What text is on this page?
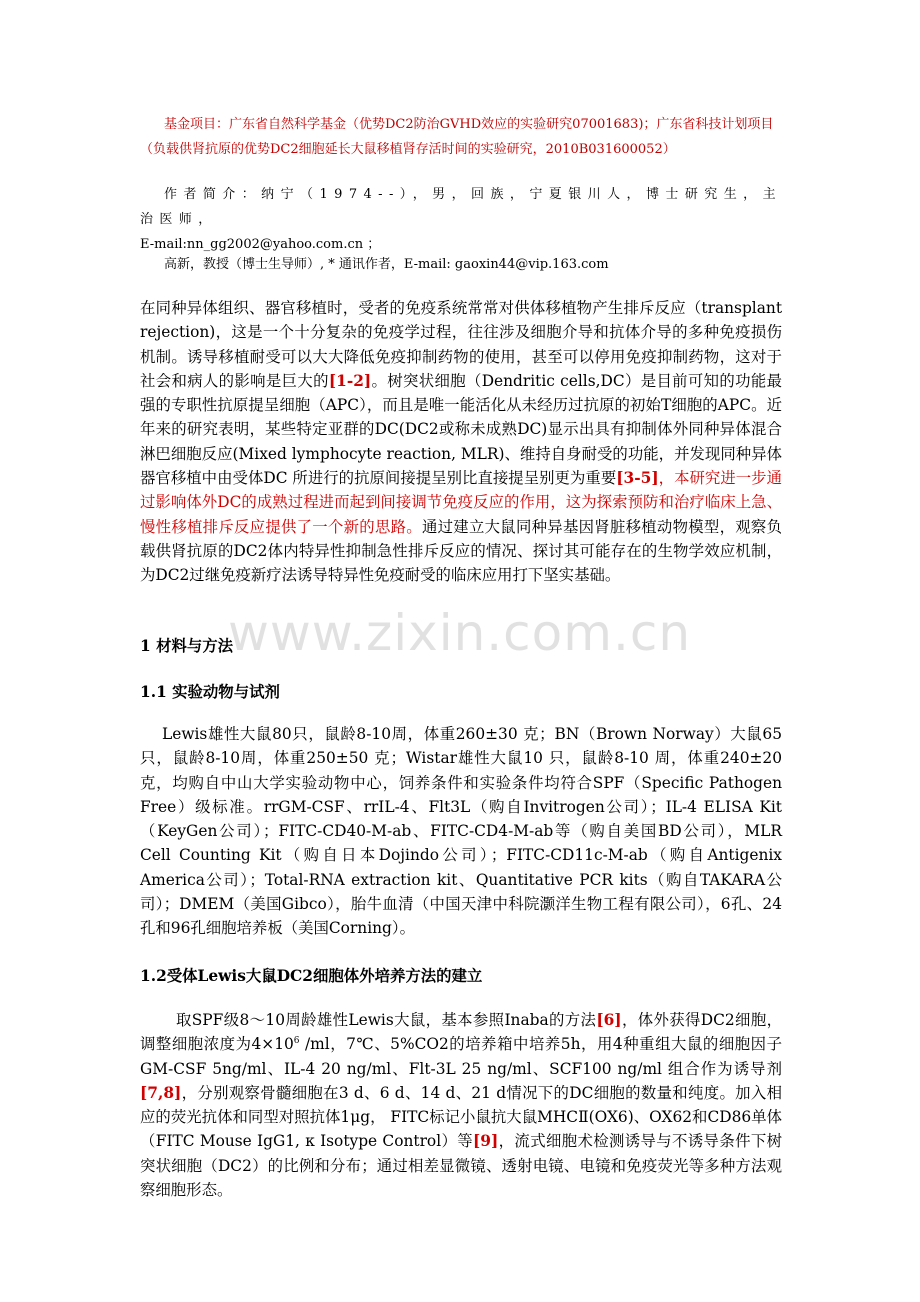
www.zixin.com.cn
基金项目：广东省自然科学基金（优势DC2防治GVHD效应的实验研究07001683)；广东省科技计划项目（负载供肾抗原的优势DC2细胞延长大鼠移植肾存活时间的实验研究，2010B031600052）
作者简介：纳宁（1974--），男，回族，宁夏银川人，博士研究生，主治医师，
E-mail:nn_gg2002@yahoo.com.cn ；
高新，教授（博士生导师）, * 通讯作者，E-mail: gaoxin44@vip.163.com
在同种异体组织、器官移植时，受者的免疫系统常常对供体移植物产生排斥反应（transplant rejection)，这是一个十分复杂的免疫学过程，往往涉及细胞介导和抗体介导的多种免疫损伤机制。诱导移植耐受可以大大降低免疫抑制药物的使用，甚至可以停用免疫抑制药物，这对于社会和病人的影响是巨大的[1-2]。树突状细胞（Dendritic cells,DC）是目前可知的功能最强的专职性抗原提呈细胞（APC），而且是唯一能活化从未经历过抗原的初始T细胞的APC。近年来的研究表明，某些特定亚群的DC(DC2或称未成熟DC)显示出具有抑制体外同种异体混合淋巴细胞反应(Mixed lymphocyte reaction, MLR)、维持自身耐受的功能，并发现同种异体器官移植中由受体DC 所进行的抗原间接提呈别比直接提呈别更为重要[3-5]，本研究进一步通过影响体外DC的成熟过程进而起到间接调节免疫反应的作用，这为探索预防和治疗临床上急、慢性移植排斥反应提供了一个新的思路。通过建立大鼠同种异基因肾脏移植动物模型，观察负载供肾抗原的DC2体内特异性抑制急性排斥反应的情况、探讨其可能存在的生物学效应机制，为DC2过继免疫新疗法诱导特异性免疫耐受的临床应用打下坚实基础。
1 材料与方法
1.1 实验动物与试剂
Lewis雄性大鼠80只，鼠龄8-10周，体重260±30 克；BN（Brown Norway）大鼠65只，鼠龄8-10周，体重250±50 克；Wistar雄性大鼠10 只，鼠龄8-10 周，体重240±20 克，均购自中山大学实验动物中心，饲养条件和实验条件均符合SPF（Specific Pathogen Free）级标准。rrGM-CSF、rrIL-4、Flt3L（购自Invitrogen公司）；IL-4 ELISA Kit（KeyGen公司）；FITC-CD40-M-ab、FITC-CD4-M-ab等（购自美国BD公司），MLR Cell Counting Kit（购自日本Dojindo公司）；FITC-CD11c-M-ab（购自Antigenix America公司）；Total-RNA extraction kit、Quantitative PCR kits（购自TAKARA公司）；DMEM（美国Gibco），胎牛血清（中国天津中科院灏洋生物工程有限公司），6孔、24孔和96孔细胞培养板（美国Corning）。
1.2受体Lewis大鼠DC2细胞体外培养方法的建立
取SPF级8～10周龄雄性Lewis大鼠，基本参照Inaba的方法[6]，体外获得DC2细胞，调整细胞浓度为$4\times 10^6$ /ml，7℃、5%CO2的培养箱中培养5h，用4种重组大鼠的细胞因子GM-CSF 5ng/ml、IL-4 20 ng/ml、Flt-3L 25 ng/ml、SCF100 ng/ml 组合作为诱导剂[7,8]，分别观察骨髓细胞在3 d、6 d、14 d、21 d情况下的DC细胞的数量和纯度。加入相应的荧光抗体和同型对照抗体1μg， FITC标记小鼠抗大鼠MHCⅡ(OX6)、OX62和CD86单体（FITC Mouse IgG1, κ Isotype Control）等[9]，流式细胞术检测诱导与不诱导条件下树突状细胞（DC2）的比例和分布；通过相差显微镜、透射电镜、电镜和免疫荧光等多种方法观察细胞形态。
